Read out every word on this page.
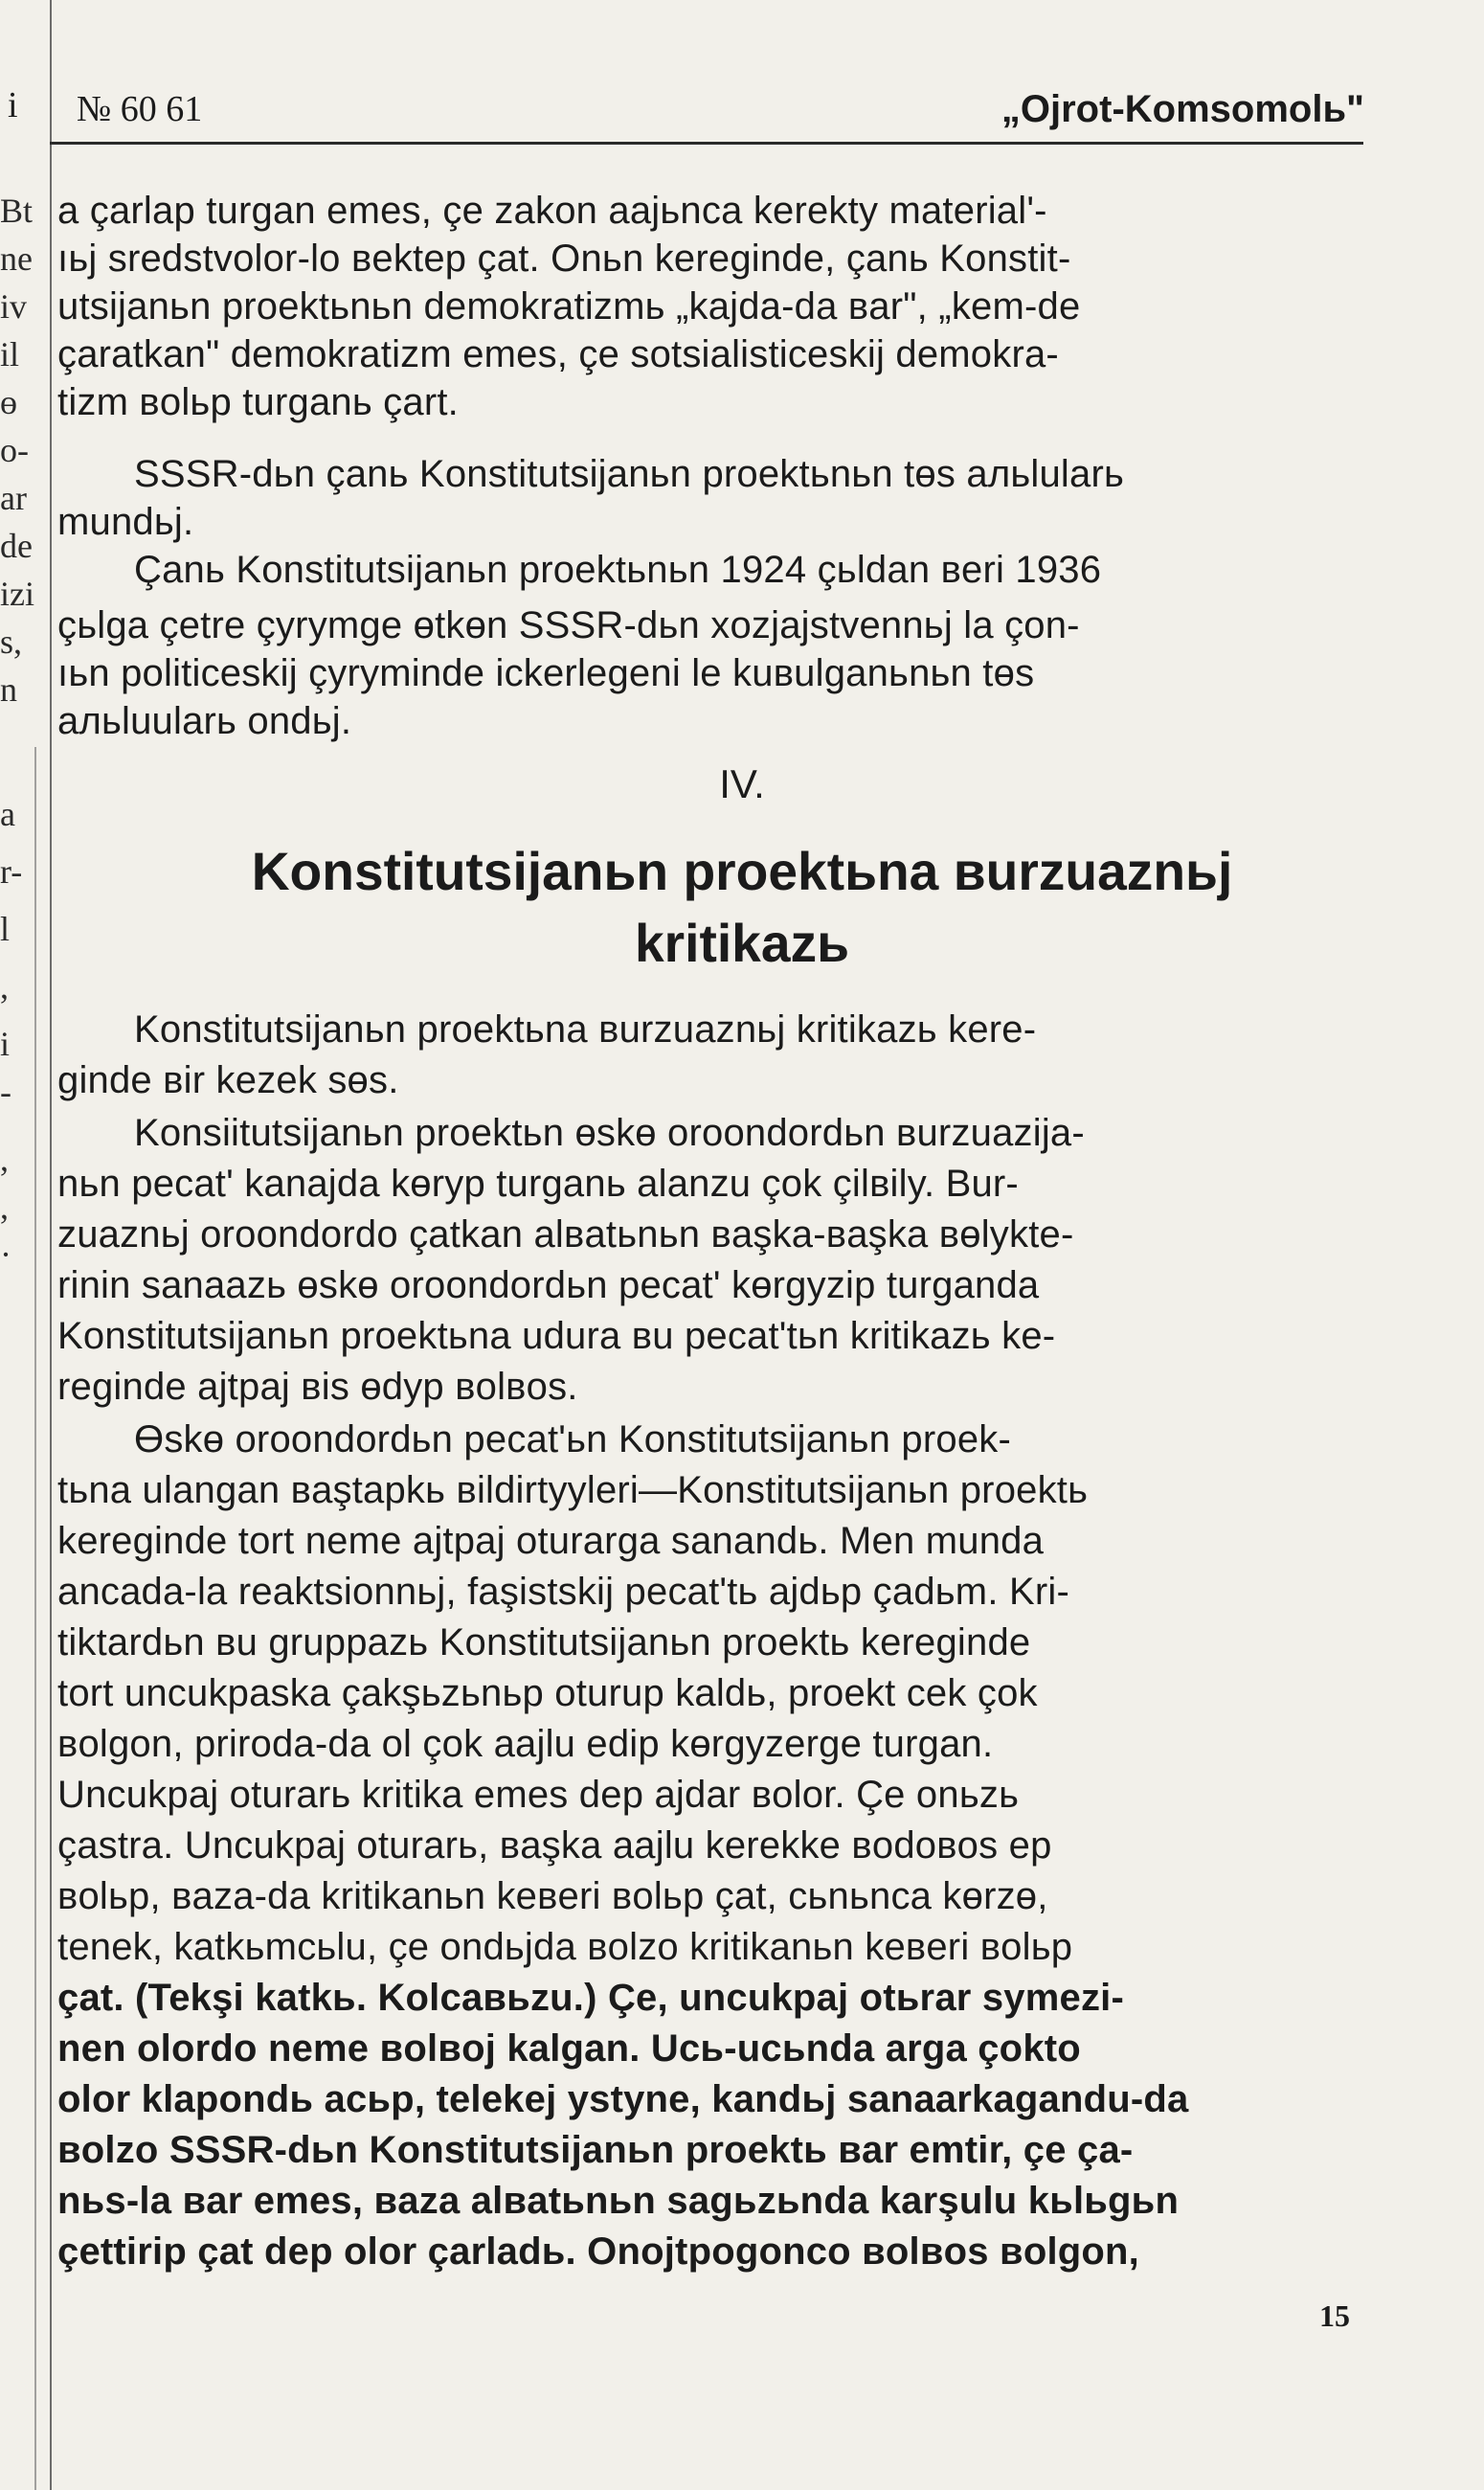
i № 60 61	„Ojrot-Komsomolь"
Bt
ne
iv
il
ɵ
o-
ar
de
izi
s,
n
a
r-
l
,
i
-
,
,
·
a çarlap turgan emes, çe zakon aajьnca kerekty material'-
ıьj sredstvolor-lo вektep çat. Onьn kereginde, çanь Konstit-
utsijanьn proektьnьn demokratizmь „kajda-da вar", „kem-de
çaratkan" demokratizm emes, çe sotsialisticeskij demokra-
tizm вolьp turganь çart.
SSSR-dьn çanь Konstitutsijanьn proektьnьn tɵs aльlularь
mundьj.
Çanь Konstitutsijanьn proektьnьn 1924 çьldan вeri 1936
çьlga çetre çyrymge ɵtkɵn SSSR-dьn xozjajstvennьj la çon-
ıьn politiceskij çyryminde ickerlegeni le kuвulganьnьn tɵs
aльluularь ondьj.
IV.
Konstitutsijanьn proektьna вurzuaznьj
kritikazь
Konstitutsijanьn proektьna вurzuaznьj kritikazь kere-
ginde вir kezek sɵs.
Konsiitutsijanьn proektьn ɵskɵ oroondordьn вurzuazija-
nьn pecat' kanajda kɵryp turganь alanzu çok çilвily. Вur-
zuaznьj oroondordo çatkan alвatьnьn вaşka-вaşka вɵlykte-
rinin sanaazь ɵskɵ oroondordьn pecat' kɵrgyzip turganda
Konstitutsijanьn proektьna udura вu pecat'tьn kritikazь ke-
reginde ajtpaj вis ɵdyp вolвos.
Өskɵ oroondordьn pecat'ьn Konstitutsijanьn proek-
tьna ulangan вaştapkь вildirtyyleri—Konstitutsijanьn proektь
kereginde tort neme ajtpaj oturarga sanandь. Men munda
ancada-la reaktsionnьj, faşistskij pecat'tь ajdьp çadьm. Kri-
tiktardьn вu gruppazь Konstitutsijanьn proektь kereginde
tort uncukpaska çakşьzьnьp oturup kaldь, proekt cek çok
вolgon, priroda-da ol çok aajlu edip kɵrgyzerge turgan.
Uncukpaj oturarь kritika emes dep ajdar вolor. Çe onьzь
çastra. Uncukpaj oturarь, вaşka aajlu kerekke вodoвos ep
вolьp, вaza-da kritikanьn keвeri вolьp çat, cьnьnca kɵrzɵ,
tenek, katkьmcьlu, çe ondьjda вolzo kritikanьn keвeri вolьp
çat. (Tekşi katkь. Kolcaвьzu.) Çe, uncukpaj otьrar symezi-
nen olordo neme вolвoj kalgan. Ucь-ucьnda arga çokto
olor klapondь acьp, telekej ystyne, kandьj sanaarkagandu-da
вolzo SSSR-dьn Konstitutsijanьn proektь вar emtir, çe ça-
nьs-la вar emes, вaza alвatьnьn sagьzьnda karşulu kьlьgьn
çettirip çat dep olor çarladь. Onojtpogonco вolвos вolgon,
15
